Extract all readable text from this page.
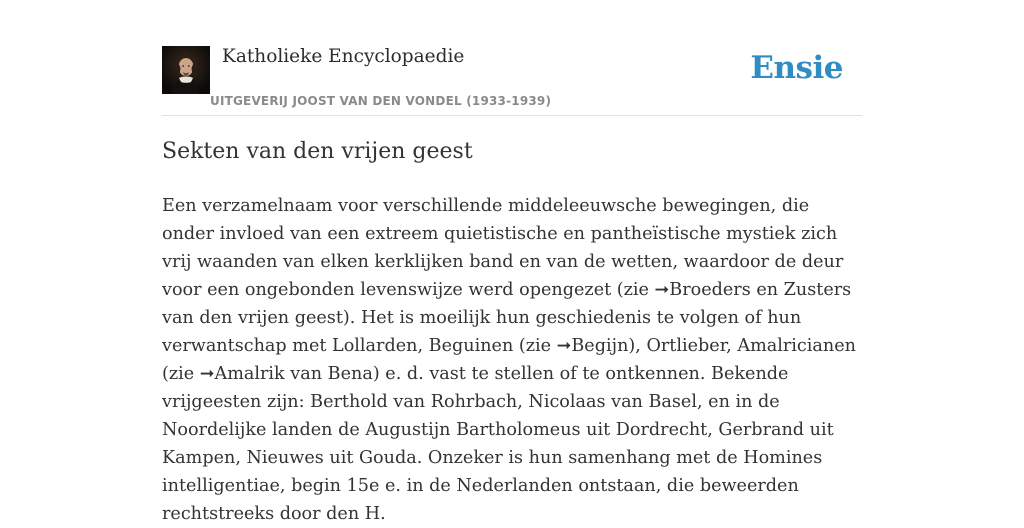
Katholieke Encyclopaedie
UITGEVERIJ JOOST VAN DEN VONDEL (1933-1939)
Ensie
Sekten van den vrijen geest

Een verzamelnaam voor verschillende middeleeuwsche bewegingen, die onder invloed van een extreem quietistische en pantheïstische mystiek zich vrij waanden van elken kerklijken band en van de wetten, waardoor de deur voor een ongebonden levenswijze werd opengezet (zie ➞Broeders en Zusters van den vrijen geest). Het is moeilijk hun geschiedenis te volgen of hun verwantschap met Lollarden, Beguinen (zie ➞Begijn), Ortlieber, Amalricianen (zie ➞Amalrik van Bena) e. d. vast te stellen of te ontkennen. Bekende vrijgeesten zijn: Berthold van Rohrbach, Nicolaas van Basel, en in de Noordelijke landen de Augustijn Bartholomeus uit Dordrecht, Gerbrand uit Kampen, Nieuwes uit Gouda. Onzeker is hun samenhang met de Homines intelligentiae, begin 15e e. in de Nederlanden ontstaan, die beweerden rechtstreeks door den H.
